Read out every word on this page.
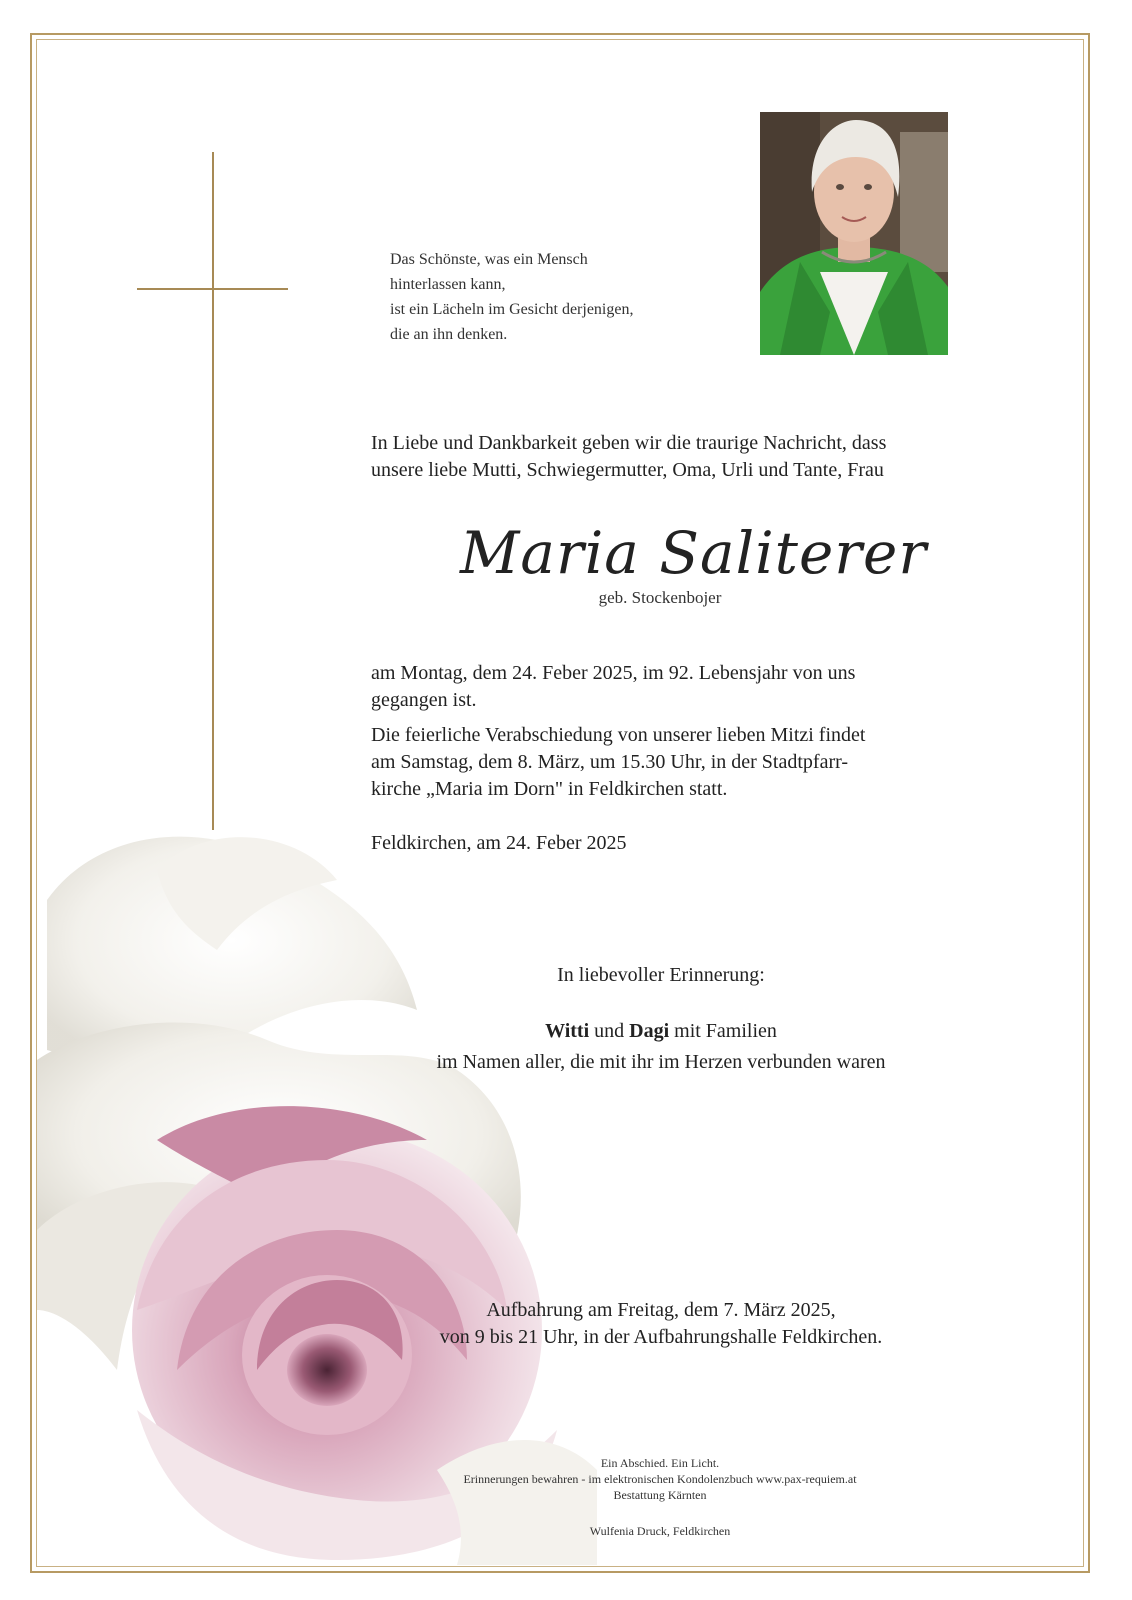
Das Schönste, was ein Mensch
hinterlassen kann,
ist ein Lächeln im Gesicht derjenigen,
die an ihn denken.
In Liebe und Dankbarkeit geben wir die traurige Nachricht, dass
unsere liebe Mutti, Schwiegermutter, Oma, Urli und Tante, Frau
Maria Saliterer
geb. Stockenbojer
am Montag, dem 24. Feber 2025, im 92. Lebensjahr von uns
gegangen ist.
Die feierliche Verabschiedung von unserer lieben Mitzi findet
am Samstag, dem 8. März, um 15.30 Uhr, in der Stadtpfarr-
kirche „Maria im Dorn" in Feldkirchen statt.
Feldkirchen, am 24. Feber 2025
In liebevoller Erinnerung:
Witti und Dagi mit Familien
im Namen aller, die mit ihr im Herzen verbunden waren
Aufbahrung am Freitag, dem 7. März 2025,
von 9 bis 21 Uhr, in der Aufbahrungshalle Feldkirchen.
Ein Abschied. Ein Licht.
Erinnerungen bewahren - im elektronischen Kondolenzbuch www.pax-requiem.at
Bestattung Kärnten
Wulfenia Druck, Feldkirchen
